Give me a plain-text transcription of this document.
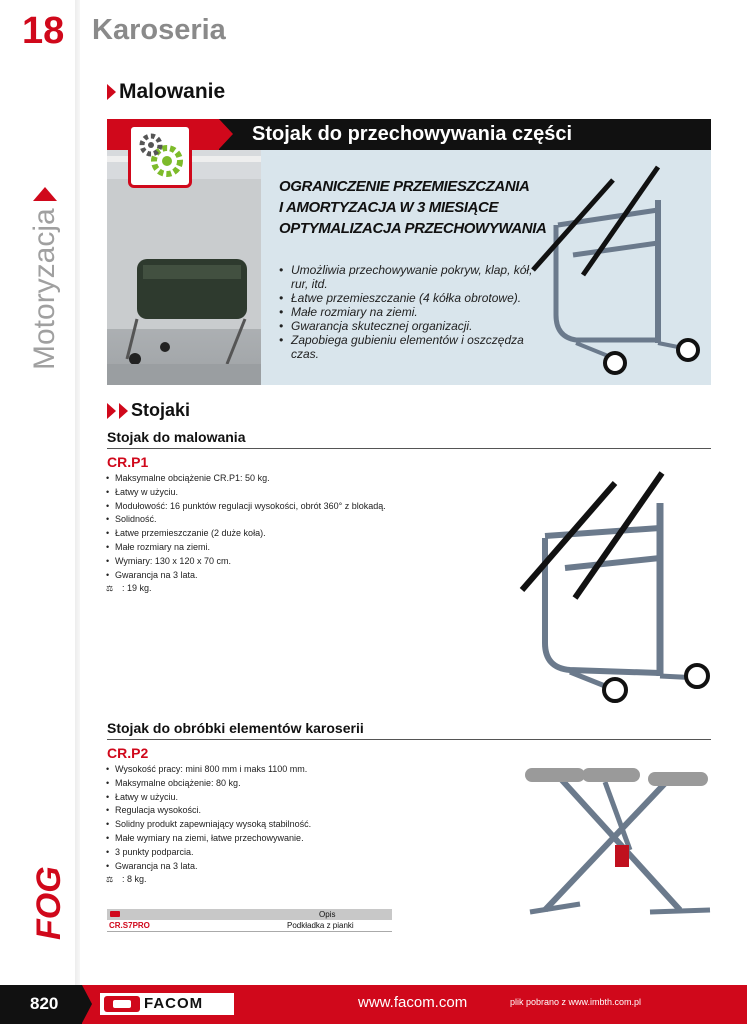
18
Motoryzacja
FOG
Karoseria
Malowanie
Stojak do przechowywania części
OGRANICZENIE PRZEMIESZCZANIA
I AMORTYZACJA W 3 MIESIĄCE
OPTYMALIZACJA PRZECHOWYWANIA
• Umożliwia przechowywanie pokryw, klap, kół, rur, itd.
• Łatwe przemieszczanie (4 kółka obrotowe).
• Małe rozmiary na ziemi.
• Gwarancja skutecznej organizacji.
• Zapobiega gubieniu elementów i oszczędza czas.
Stojaki
Stojak do malowania
CR.P1
• Maksymalne obciążenie CR.P1: 50 kg.
• Łatwy w użyciu.
• Modułowość: 16 punktów regulacji wysokości, obrót 360° z blokadą.
• Solidność.
• Łatwe przemieszczanie (2 duże koła).
• Małe rozmiary na ziemi.
• Wymiary: 130 x 120 x 70 cm.
• Gwarancja na 3 lata.
⚖ : 19 kg.
Stojak do obróbki elementów karoserii
CR.P2
• Wysokość pracy: mini 800 mm i maks 1100 mm.
• Maksymalne obciążenie: 80 kg.
• Łatwy w użyciu.
• Regulacja wysokości.
• Solidny produkt zapewniający wysoką stabilność.
• Małe wymiary na ziemi, łatwe przechowywanie.
• 3 punkty podparcia.
• Gwarancja na 3 lata.
⚖ : 8 kg.
Opis
CR.S7PRO	Podkładka z pianki
820	FACOM	www.facom.com	plik pobrano z www.imbth.com.pl
